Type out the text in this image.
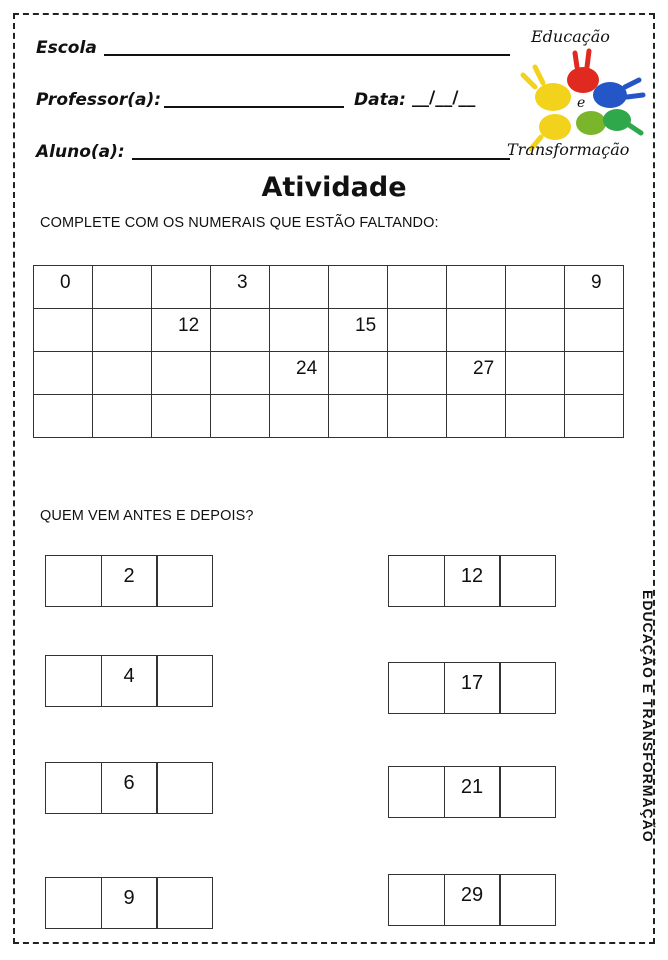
Escola
Professor(a):	Data: __/__/__
Aluno(a):
Educação
e
Transformação
Atividade
COMPLETE COM OS NUMERAIS QUE ESTÃO FALTANDO:
0			3						9

		12			15				

				24			27		

QUEM VEM ANTES E DEPOIS?
2
4
6
9
12
17
21
29
EDUCAÇÃO E TRANSFORMAÇÃO
